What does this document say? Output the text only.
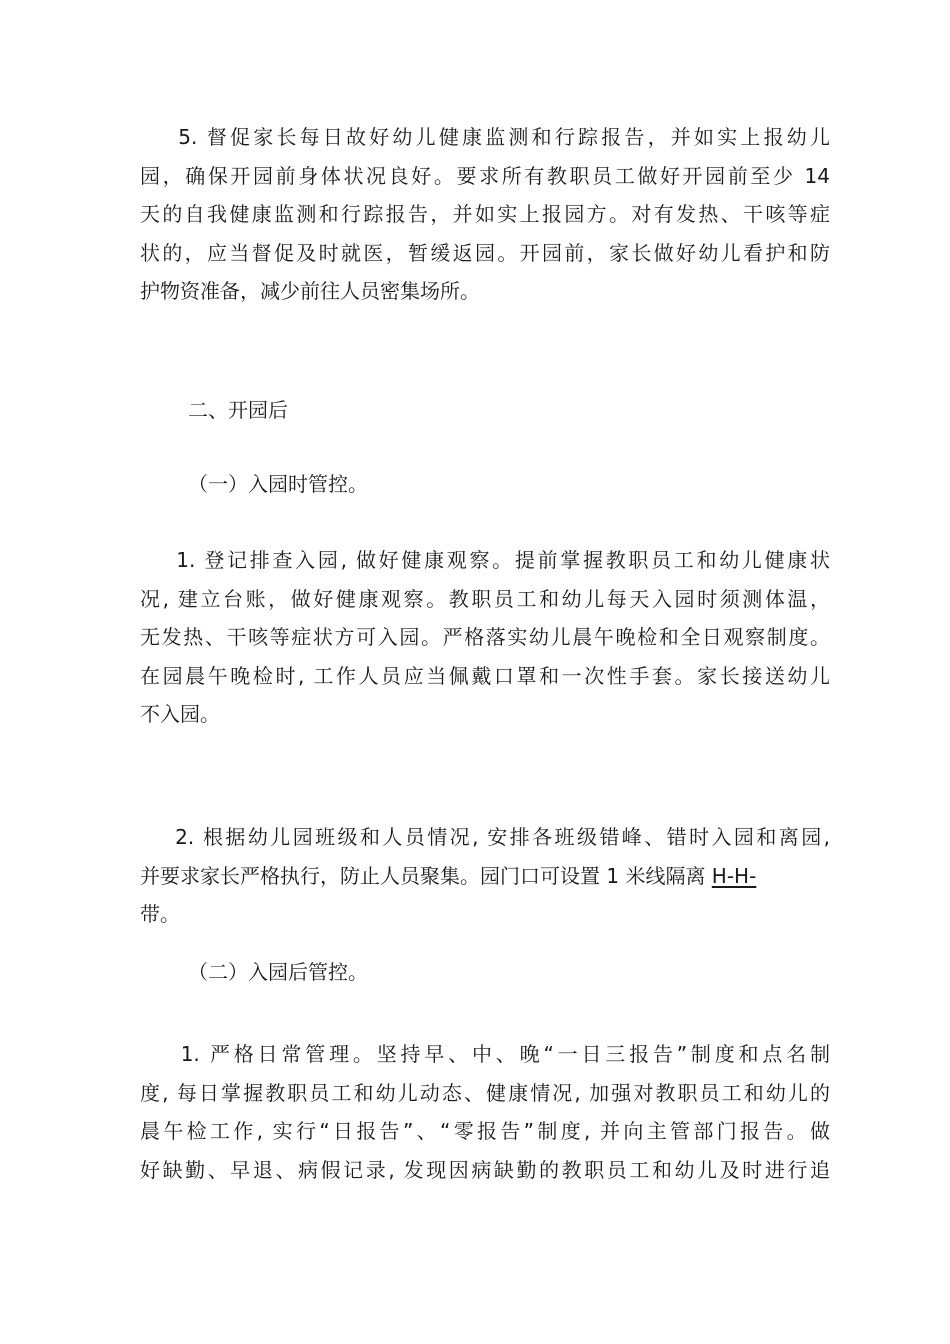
5. 督促家长每日故好幼儿健康监测和行踪报告，并如实上报幼儿
园，确保开园前身体状况良好。要求所有教职员工做好开园前至少 14
天的自我健康监测和行踪报告，并如实上报园方。对有发热、干咳等症
状的，应当督促及时就医，暂缓返园。开园前，家长做好幼儿看护和防
护物资准备，减少前往人员密集场所。
二、开园后
（一）入园时管控。
1. 登记排查入园, 做好健康观察。提前掌握教职员工和幼儿健康状
况, 建立台账，做好健康观察。教职员工和幼儿每天入园时须测体温，
无发热、干咳等症状方可入园。严格落实幼儿晨午晚检和全日观察制度。
在园晨午晚检时, 工作人员应当佩戴口罩和一次性手套。家长接送幼儿
不入园。
2. 根据幼儿园班级和人员情况, 安排各班级错峰、错时入园和离园,
并要求家长严格执行，防止人员聚集。园门口可设置 1 米线隔离 H-H-
带。
（二）入园后管控。
1. 严格日常管理。坚持早、中、晚“一日三报告”制度和点名制
度, 每日掌握教职员工和幼儿动态、健康情况, 加强对教职员工和幼儿的
晨午检工作, 实行“日报告”、“零报告”制度, 并向主管部门报告。做
好缺勤、早退、病假记录, 发现因病缺勤的教职员工和幼儿及时进行追
